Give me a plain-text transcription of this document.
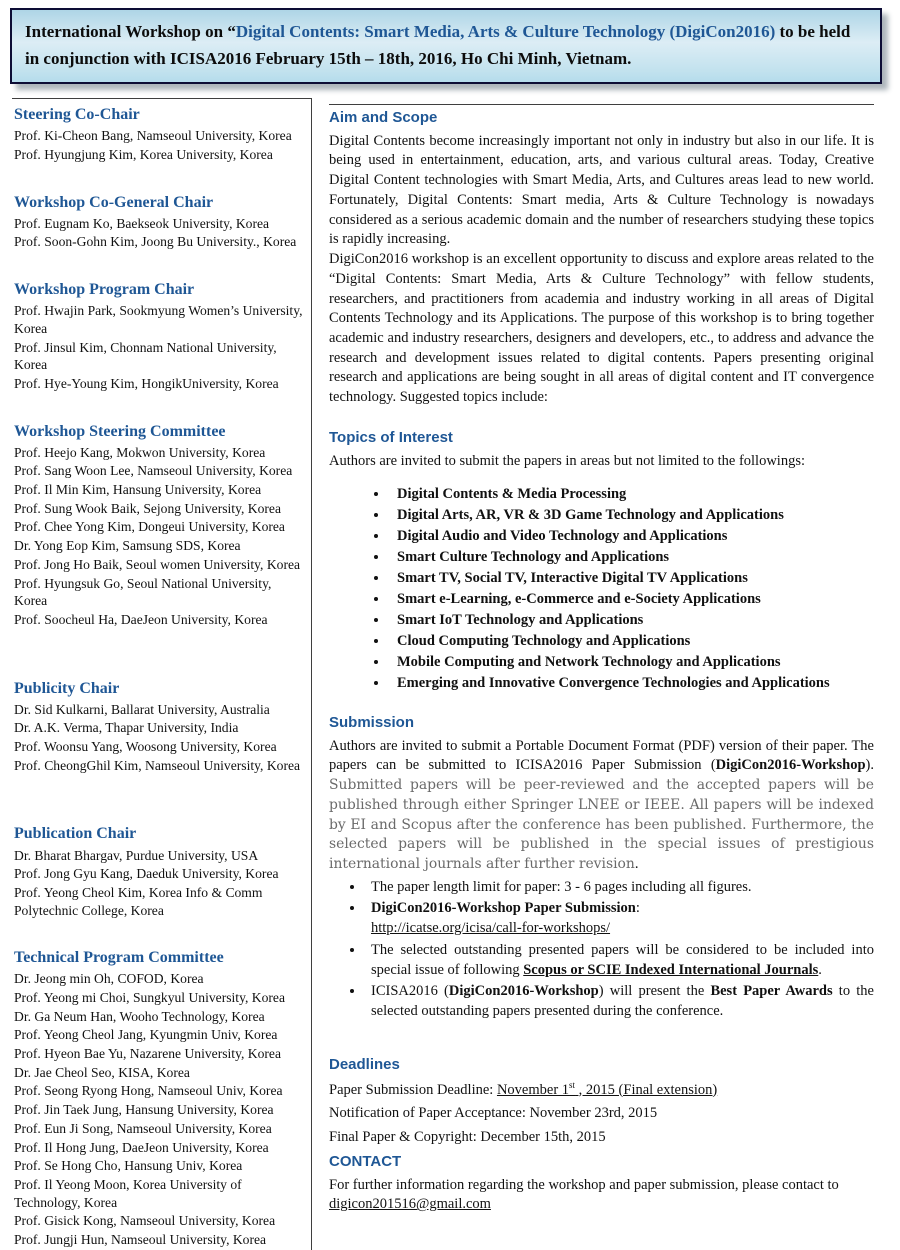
International Workshop on “Digital Contents: Smart Media, Arts & Culture Technology (DigiCon2016) to be held in conjunction with ICISA2016 February 15th – 18th, 2016, Ho Chi Minh, Vietnam.
Steering Co-Chair
Prof. Ki-Cheon Bang, Namseoul University, Korea
Prof. Hyungjung Kim, Korea University, Korea
Workshop Co-General Chair
Prof. Eugnam Ko, Baekseok University, Korea
Prof. Soon-Gohn Kim, Joong Bu University., Korea
Workshop Program Chair
Prof. Hwajin Park, Sookmyung Women’s University, Korea
Prof. Jinsul Kim, Chonnam National University, Korea
Prof. Hye-Young Kim, HongikUniversity, Korea
Workshop Steering Committee
Prof. Heejo Kang, Mokwon University, Korea
Prof. Sang Woon Lee, Namseoul University, Korea
Prof. Il Min Kim, Hansung University, Korea
Prof. Sung Wook Baik, Sejong University, Korea
Prof. Chee Yong Kim, Dongeui University, Korea
Dr. Yong Eop Kim, Samsung SDS, Korea
Prof. Jong Ho Baik, Seoul women University, Korea
Prof. Hyungsuk Go, Seoul National University, Korea
Prof. Soocheul Ha, DaeJeon University, Korea
Publicity Chair
Dr. Sid Kulkarni, Ballarat University, Australia
Dr. A.K. Verma, Thapar University, India
Prof. Woonsu Yang, Woosong University, Korea
Prof. CheongGhil Kim, Namseoul University, Korea
Publication Chair
Dr. Bharat Bhargav, Purdue University, USA
Prof. Jong Gyu Kang, Daeduk University, Korea
Prof. Yeong Cheol Kim, Korea Info & Comm Polytechnic College, Korea
Technical Program Committee
Dr. Jeong min Oh, COFOD, Korea
Prof. Yeong mi Choi, Sungkyul University, Korea
Dr. Ga Neum Han, Wooho Technology, Korea
Prof. Yeong Cheol Jang, Kyungmin Univ, Korea
Prof. Hyeon Bae Yu, Nazarene University, Korea
Dr. Jae Cheol Seo, KISA, Korea
Prof. Seong Ryong Hong, Namseoul Univ, Korea
Prof. Jin Taek Jung, Hansung University, Korea
Prof. Eun Ji Song, Namseoul University, Korea
Prof. Il Hong Jung, DaeJeon University, Korea
Prof. Se Hong Cho, Hansung Univ, Korea
Prof. Il Yeong Moon, Korea University of Technology, Korea
Prof. Gisick Kong, Namseoul University, Korea
Prof. Jungji Hun, Namseoul University, Korea
Aim and Scope

Digital Contents become increasingly important not only in industry but also in our life. It is being used in entertainment, education, arts, and various cultural areas. Today, Creative Digital Content technologies with Smart Media, Arts, and Cultures areas lead to new world. Fortunately, Digital Contents: Smart media, Arts & Culture Technology is nowadays considered as a serious academic domain and the number of researchers studying these topics is rapidly increasing.

DigiCon2016 workshop is an excellent opportunity to discuss and explore areas related to the “Digital Contents: Smart Media, Arts & Culture Technology” with fellow students, researchers, and practitioners from academia and industry working in all areas of Digital Contents Technology and its Applications. The purpose of this workshop is to bring together academic and industry researchers, designers and developers, etc., to address and advance the research and development issues related to digital contents. Papers presenting original research and applications are being sought in all areas of digital content and IT convergence technology. Suggested topics include:

Topics of Interest

Authors are invited to submit the papers in areas but not limited to the followings:

• Digital Contents & Media Processing
• Digital Arts, AR, VR & 3D Game Technology and Applications
• Digital Audio and Video Technology and Applications
• Smart Culture Technology and Applications
• Smart TV, Social TV, Interactive Digital TV Applications
• Smart e-Learning, e-Commerce and e-Society Applications
• Smart IoT Technology and Applications
• Cloud Computing Technology and Applications
• Mobile Computing and Network Technology and Applications
• Emerging and Innovative Convergence Technologies and Applications
Submission

Authors are invited to submit a Portable Document Format (PDF) version of their paper. The papers can be submitted to ICISA2016 Paper Submission (DigiCon2016-Workshop). Submitted papers will be peer-reviewed and the accepted papers will be published through either Springer LNEE or IEEE. All papers will be indexed by EI and Scopus after the conference has been published. Furthermore, the selected papers will be published in the special issues of prestigious international journals after further revision.

• The paper length limit for paper: 3 - 6 pages including all figures.
• DigiCon2016-Workshop Paper Submission:
http://icatse.org/icisa/call-for-workshops/
• The selected outstanding presented papers will be considered to be included into special issue of following Scopus or SCIE Indexed International Journals.
• ICISA2016 (DigiCon2016-Workshop) will present the Best Paper Awards to the selected outstanding papers presented during the conference.
Deadlines

Paper Submission Deadline: November 1st , 2015 (Final extension)

Notification of Paper Acceptance: November 23rd, 2015

Final Paper & Copyright: December 15th, 2015

CONTACT

For further information regarding the workshop and paper submission, please contact to
digicon201516@gmail.com
